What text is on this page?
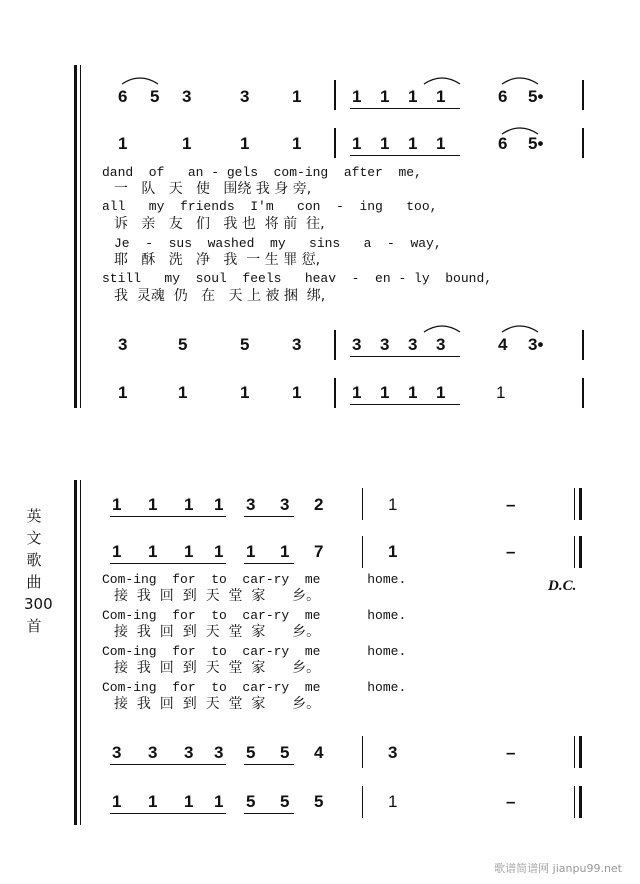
6 5 3	3	1	1 1 1 1	6 5•
1	1	1	1	1 1 1 1	6 5•
dand  of   an - gels  com-ing  after  me,
一   队   天   使   围绕 我 身 旁,
all   my  friends  I'm   con  -  ing   too,
诉   亲   友   们   我 也  将 前  往,
Je  -  sus  washed  my   sins   a  -  way,
耶   酥   洗   净   我  一 生 罪 愆,
still   my  soul  feels   heav  -  en - ly  bound,
我  灵魂  仍   在   天 上 被 捆  绑,
3	5	5	3	3 3 3 3	4 3•
1	1	1	1	1 1 1 1	1
1 1 1 1 3 3 2	1	–
1 1 1 1 1 1 7	1	–
D.C.
Com-ing  for  to  car-ry  me      home.
接  我  回  到  天  堂  家      乡。
Com-ing  for  to  car-ry  me      home.
接  我  回  到  天  堂  家      乡。
Com-ing  for  to  car-ry  me      home.
接  我  回  到  天  堂  家      乡。
Com-ing  for  to  car-ry  me      home.
接  我  回  到  天  堂  家      乡。
3 3 3 3 5 5 4	3	–
1 1 1 1 5 5 5	1	–
英文歌曲300首
歌谱简谱网 jianpu99.net
